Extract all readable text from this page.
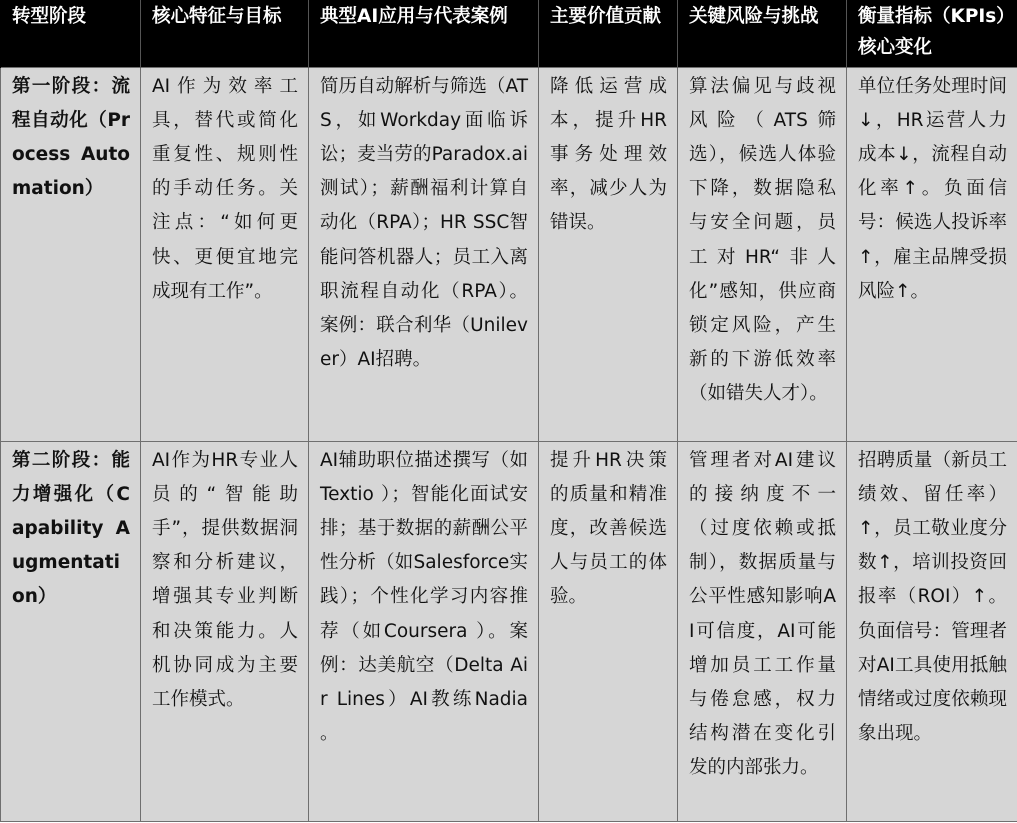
转型阶段	核心特征与目标	典型AI应用与代表案例	主要价值贡献	关键风险与挑战	衡量指标（KPIs）核心变化
第一阶段：流程自动化（Process Automation）	AI作为效率工具，替代或简化重复性、规则性的手动任务。关注点：“如何更快、更便宜地完成现有工作”。	简历自动解析与筛选（ATS，如Workday面临诉讼；麦当劳的Paradox.ai测试）；薪酬福利计算自动化（RPA）；HR SSC智能问答机器人；员工入离职流程自动化（RPA）。案例：联合利华（Unilever）AI招聘。	降低运营成本，提升HR事务处理效率，减少人为错误。	算法偏见与歧视风险（ATS筛选），候选人体验下降，数据隐私与安全问题，员工对HR“非人化”感知，供应商锁定风险，产生新的下游低效率（如错失人才）。	单位任务处理时间↓，HR运营人力成本↓，流程自动化率↑。负面信号：候选人投诉率↑，雇主品牌受损风险↑。
第二阶段：能力增强化（Capability Augmentation）	AI作为HR专业人员的“智能助手”，提供数据洞察和分析建议，增强其专业判断和决策能力。人机协同成为主要工作模式。	AI辅助职位描述撰写（如Textio ）；智能化面试安排；基于数据的薪酬公平性分析（如Salesforce实践）；个性化学习内容推荐（如Coursera ）。案例：达美航空（Delta Air Lines）AI教练Nadia 。	提升HR决策的质量和精准度，改善候选人与员工的体验。	管理者对AI建议的接纳度不一（过度依赖或抵制），数据质量与公平性感知影响AI可信度，AI可能增加员工工作量与倦怠感，权力结构潜在变化引发的内部张力。	招聘质量（新员工绩效、留任率）↑，员工敬业度分数↑，培训投资回报率（ROI）↑。负面信号：管理者对AI工具使用抵触情绪或过度依赖现象出现。
